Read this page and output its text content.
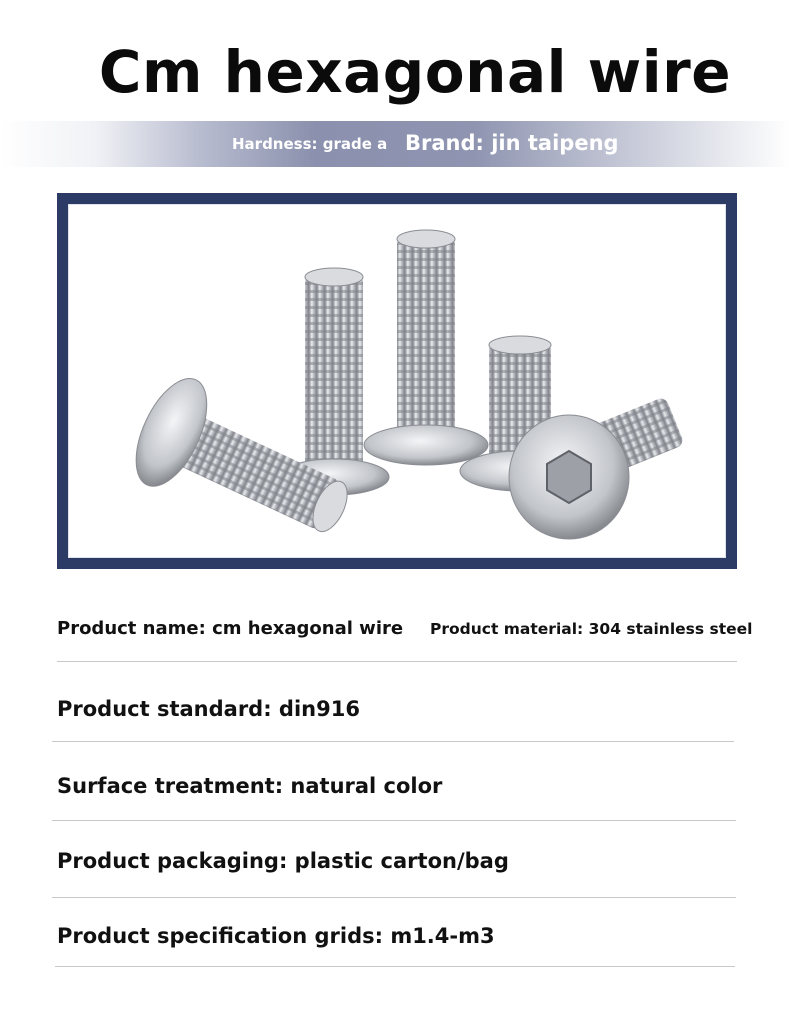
Cm hexagonal wire
Hardness: grade a Brand: jin taipeng
Product name: cm hexagonal wire Product material: 304 stainless steel
Product standard: din916
Surface treatment: natural color
Product packaging: plastic carton/bag
Product specification grids: m1.4-m3
